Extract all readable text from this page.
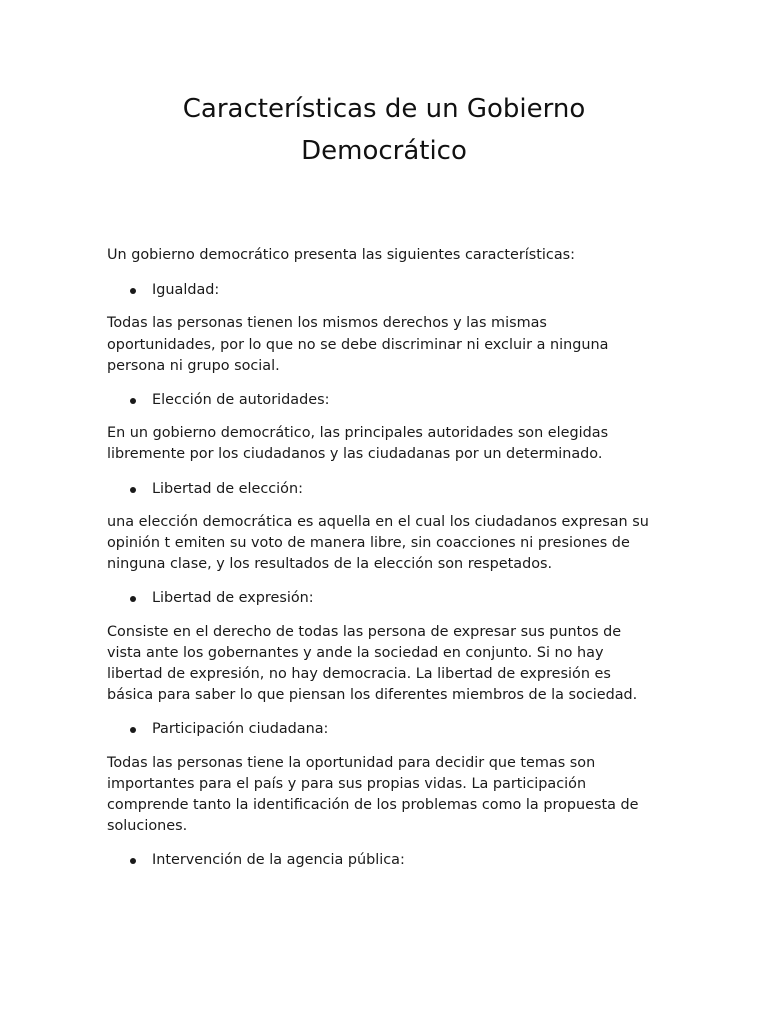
Características de un Gobierno
Democrático

Un gobierno democrático presenta las siguientes características:

Igualdad:

Todas las personas tienen los mismos derechos y las mismas oportunidades, por lo que no se debe discriminar ni excluir a ninguna persona ni grupo social.

Elección de autoridades:

En un gobierno democrático, las principales autoridades son elegidas libremente por los ciudadanos y las ciudadanas por un determinado.

Libertad de elección:

una elección democrática es aquella en el cual los ciudadanos expresan su opinión t emiten su voto de manera libre, sin coacciones ni presiones de ninguna clase, y los resultados de la elección son respetados.

Libertad de expresión:

Consiste en el derecho de todas las persona de expresar sus puntos de vista ante los gobernantes y ande la sociedad en conjunto. Si no hay libertad de expresión, no hay democracia. La libertad de expresión es básica para saber lo que piensan los diferentes miembros de la sociedad.

Participación ciudadana:

Todas las personas tiene la oportunidad para decidir que temas son importantes para el país y para sus propias vidas. La participación comprende tanto la identificación de los problemas como la propuesta de soluciones.

Intervención de la agencia pública:
